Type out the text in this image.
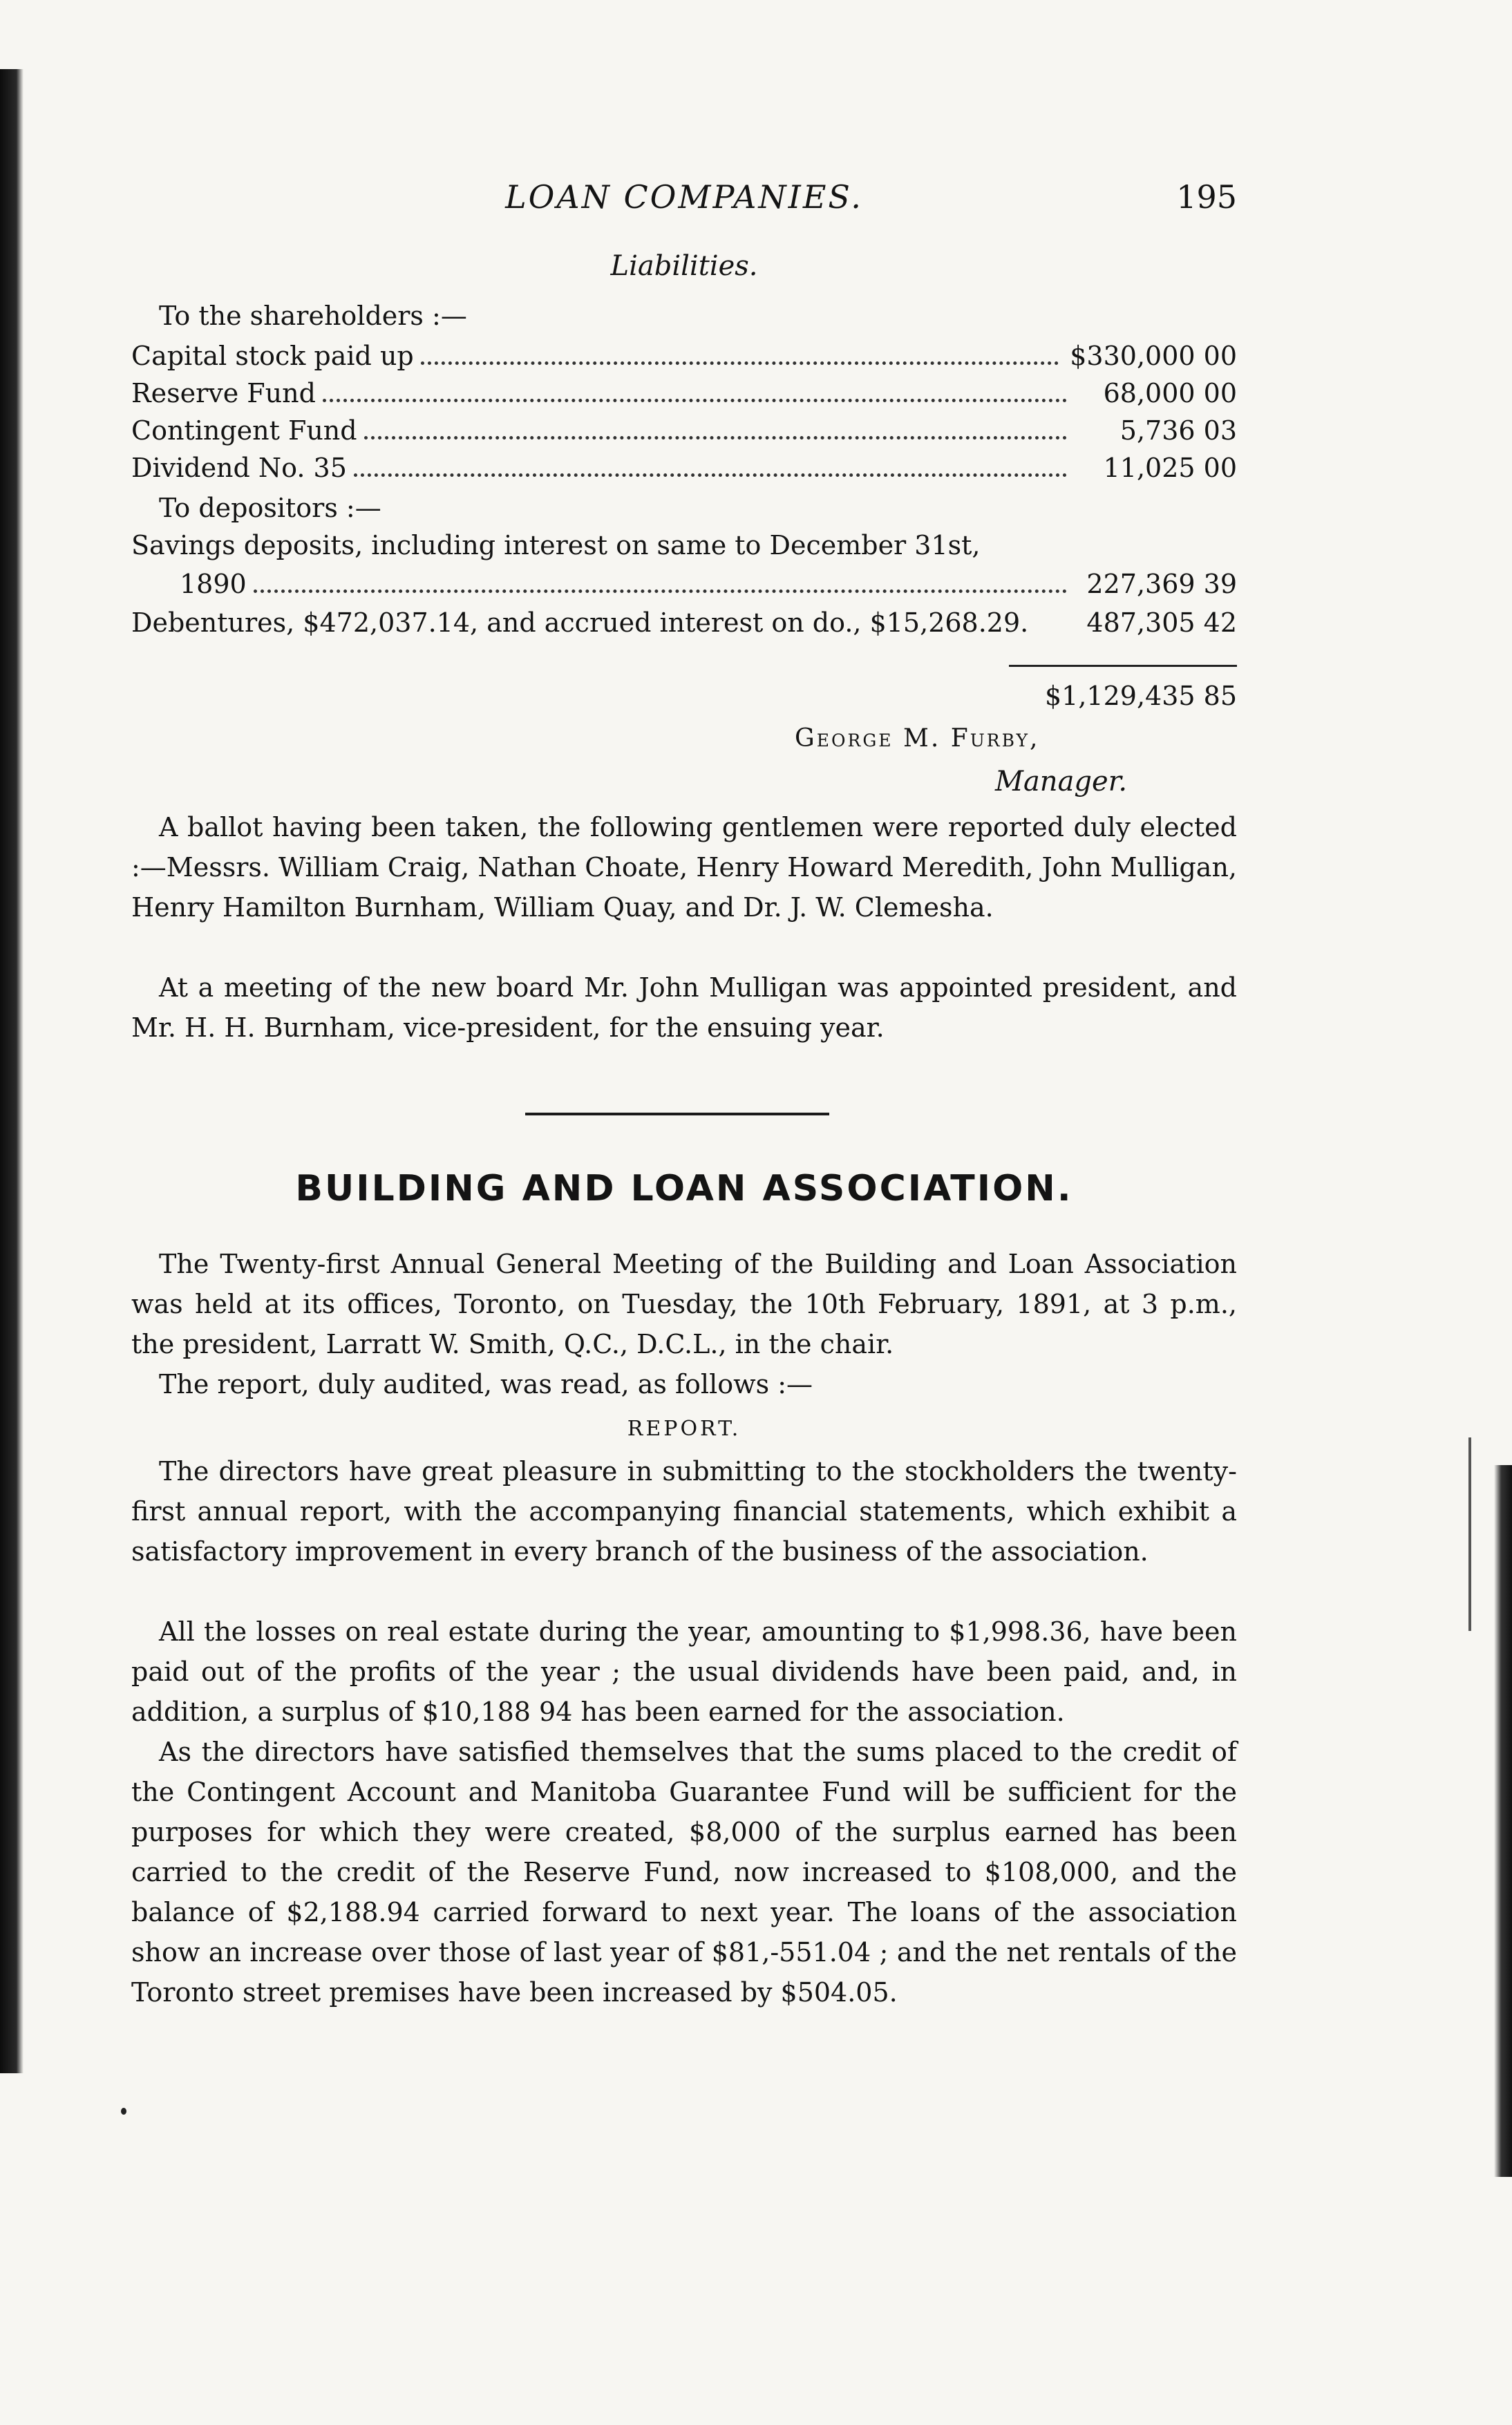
LOAN COMPANIES.	195
Liabilities.
To the shareholders :—
Capital stock paid up	$330,000 00
Reserve Fund	68,000 00
Contingent Fund	5,736 03
Dividend No. 35	11,025 00
To depositors :—
Savings deposits, including interest on same to December 31st,
1890	227,369 39
Debentures, $472,037.14, and accrued interest on do., $15,268.29.	487,305 42
$1,129,435 85
George M. Furby,
Manager.

A ballot having been taken, the following gentlemen were reported duly elected :—Messrs. William Craig, Nathan Choate, Henry Howard Meredith, John Mulligan, Henry Hamilton Burnham, William Quay, and Dr. J. W. Clemesha.

At a meeting of the new board Mr. John Mulligan was appointed president, and Mr. H. H. Burnham, vice-president, for the ensuing year.

BUILDING AND LOAN ASSOCIATION.

The Twenty-first Annual General Meeting of the Building and Loan Association was held at its offices, Toronto, on Tuesday, the 10th February, 1891, at 3 p.m., the president, Larratt W. Smith, Q.C., D.C.L., in the chair.

The report, duly audited, was read, as follows :—

REPORT.

The directors have great pleasure in submitting to the stockholders the twenty-first annual report, with the accompanying financial statements, which exhibit a satisfactory improvement in every branch of the business of the association.

All the losses on real estate during the year, amounting to $1,998.36, have been paid out of the profits of the year ; the usual dividends have been paid, and, in addition, a surplus of $10,188 94 has been earned for the association.

As the directors have satisfied themselves that the sums placed to the credit of the Contingent Account and Manitoba Guarantee Fund will be sufficient for the purposes for which they were created, $8,000 of the surplus earned has been carried to the credit of the Reserve Fund, now increased to $108,000, and the balance of $2,188.94 carried forward to next year. The loans of the association show an increase over those of last year of $81,-551.04 ; and the net rentals of the Toronto street premises have been increased by $504.05.
